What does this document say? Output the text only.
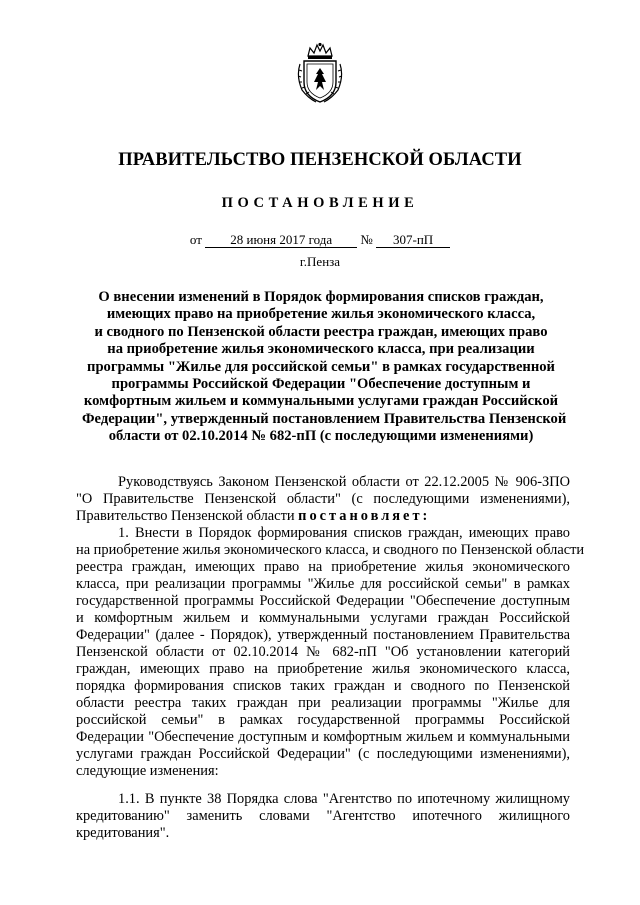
ПРАВИТЕЛЬСТВО ПЕНЗЕНСКОЙ ОБЛАСТИ
ПОСТАНОВЛЕНИЕ
от 28 июня 2017 года № 307-пП
г.Пенза
О внесении изменений в Порядок формирования списков граждан,
имеющих право на приобретение жилья экономического класса,
и сводного по Пензенской области реестра граждан, имеющих право
на приобретение жилья экономического класса, при реализации
программы "Жилье для российской семьи" в рамках государственной
программы Российской Федерации "Обеспечение доступным и
комфортным жильем и коммунальными услугами граждан Российской
Федерации", утвержденный постановлением Правительства Пензенской
области от 02.10.2014 № 682-пП (с последующими изменениями)
Руководствуясь Законом Пензенской области от 22.12.2005 № 906-ЗПО
"О Правительстве Пензенской области" (с последующими изменениями),
Правительство Пензенской области постановляет:
1. Внести в Порядок формирования списков граждан, имеющих право
на приобретение жилья экономического класса, и сводного по Пензенской области
реестра граждан, имеющих право на приобретение жилья экономического
класса, при реализации программы "Жилье для российской семьи" в рамках
государственной программы Российской Федерации "Обеспечение доступным
и комфортным жильем и коммунальными услугами граждан Российской
Федерации" (далее - Порядок), утвержденный постановлением Правительства
Пензенской области от 02.10.2014 № 682-пП "Об установлении категорий
граждан, имеющих право на приобретение жилья экономического класса,
порядка формирования списков таких граждан и сводного по Пензенской
области реестра таких граждан при реализации программы "Жилье для
российской семьи" в рамках государственной программы Российской
Федерации "Обеспечение доступным и комфортным жильем и коммунальными
услугами граждан Российской Федерации" (с последующими изменениями),
следующие изменения:
1.1. В пункте 38 Порядка слова "Агентство по ипотечному жилищному
кредитованию" заменить словами "Агентство ипотечного жилищного
кредитования".
